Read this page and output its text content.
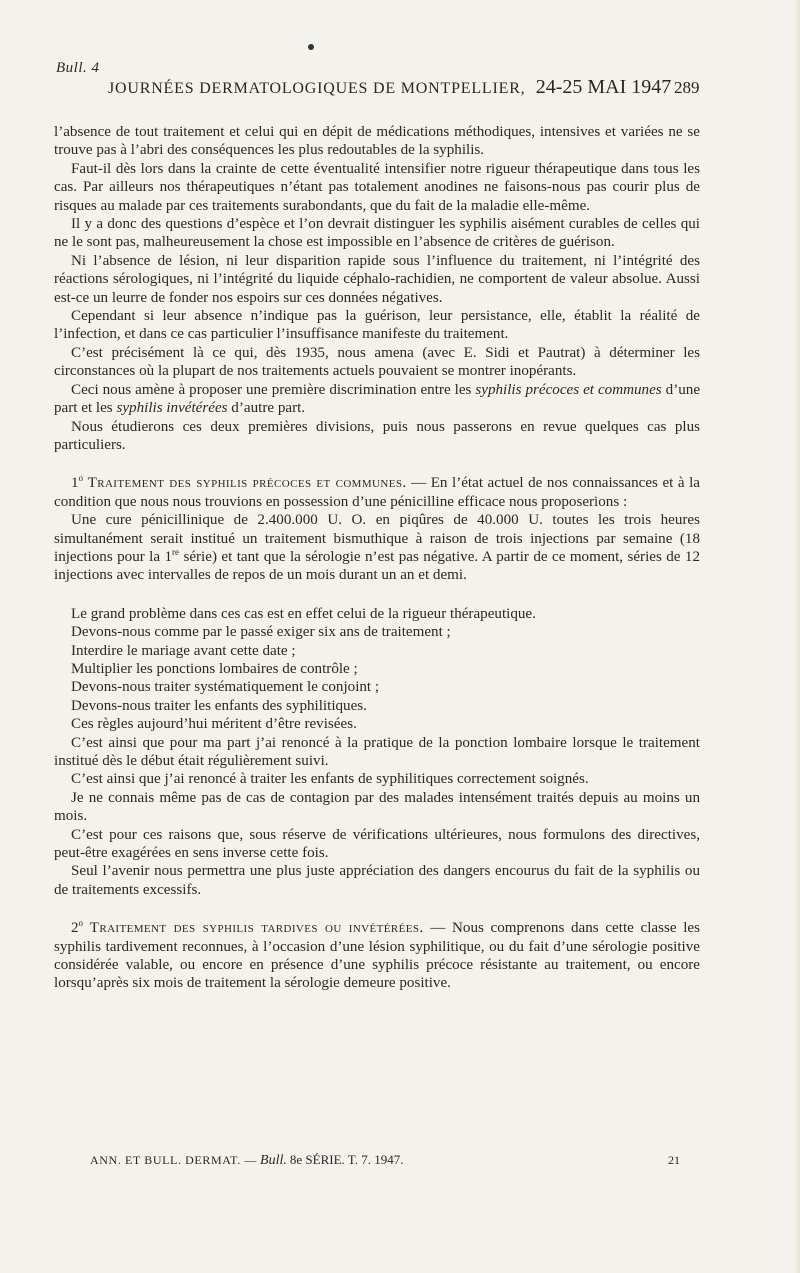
Bull. 4
JOURNÉES DERMATOLOGIQUES DE MONTPELLIER, 24-25 MAI 1947 289

l’absence de tout traitement et celui qui en dépit de médications méthodiques, intensives et variées ne se trouve pas à l’abri des conséquences les plus redoutables de la syphilis.

Faut-il dès lors dans la crainte de cette éventualité intensifier notre rigueur thérapeutique dans tous les cas. Par ailleurs nos thérapeutiques n’étant pas totalement anodines ne faisons-nous pas courir plus de risques au malade par ces traitements surabondants, que du fait de la maladie elle-même.

Il y a donc des questions d’espèce et l’on devrait distinguer les syphilis aisément curables de celles qui ne le sont pas, malheureusement la chose est impossible en l’absence de critères de guérison.

Ni l’absence de lésion, ni leur disparition rapide sous l’influence du traitement, ni l’intégrité des réactions sérologiques, ni l’intégrité du liquide céphalo-rachidien, ne comportent de valeur absolue. Aussi est-ce un leurre de fonder nos espoirs sur ces données négatives.

Cependant si leur absence n’indique pas la guérison, leur persistance, elle, établit la réalité de l’infection, et dans ce cas particulier l’insuffisance manifeste du traitement.

C’est précisément là ce qui, dès 1935, nous amena (avec E. Sidi et Pautrat) à déterminer les circonstances où la plupart de nos traitements actuels pouvaient se montrer inopérants.

Ceci nous amène à proposer une première discrimination entre les syphilis précoces et communes d’une part et les syphilis invétérées d’autre part.

Nous étudierons ces deux premières divisions, puis nous passerons en revue quelques cas plus particuliers.

1$^o$ Traitement des syphilis précoces et communes. — En l’état actuel de nos connaissances et à la condition que nous nous trouvions en possession d’une pénicilline efficace nous proposerions :

Une cure pénicillinique de 2.400.000 U. O. en piqûres de 40.000 U. toutes les trois heures simultanément serait institué un traitement bismuthique à raison de trois injections par semaine (18 injections pour la 1re série) et tant que la sérologie n’est pas négative. A partir de ce moment, séries de 12 injections avec intervalles de repos de un mois durant un an et demi.

Le grand problème dans ces cas est en effet celui de la rigueur thérapeutique.

Devons-nous comme par le passé exiger six ans de traitement ;

Interdire le mariage avant cette date ;

Multiplier les ponctions lombaires de contrôle ;

Devons-nous traiter systématiquement le conjoint ;

Devons-nous traiter les enfants des syphilitiques.

Ces règles aujourd’hui méritent d’être revisées.

C’est ainsi que pour ma part j’ai renoncé à la pratique de la ponction lombaire lorsque le traitement institué dès le début était régulièrement suivi.

C’est ainsi que j’ai renoncé à traiter les enfants de syphilitiques correctement soignés.

Je ne connais même pas de cas de contagion par des malades intensément traités depuis au moins un mois.

C’est pour ces raisons que, sous réserve de vérifications ultérieures, nous formulons des directives, peut-être exagérées en sens inverse cette fois.

Seul l’avenir nous permettra une plus juste appréciation des dangers encourus du fait de la syphilis ou de traitements excessifs.

2$^o$ Traitement des syphilis tardives ou invétérées. — Nous comprenons dans cette classe les syphilis tardivement reconnues, à l’occasion d’une lésion syphilitique, ou du fait d’une sérologie positive considérée valable, ou encore en présence d’une syphilis précoce résistante au traitement, ou encore lorsqu’après six mois de traitement la sérologie demeure positive.

ANN. ET BULL. DERMAT. — Bull. 8e SÉRIE. T. 7. 1947.	21
